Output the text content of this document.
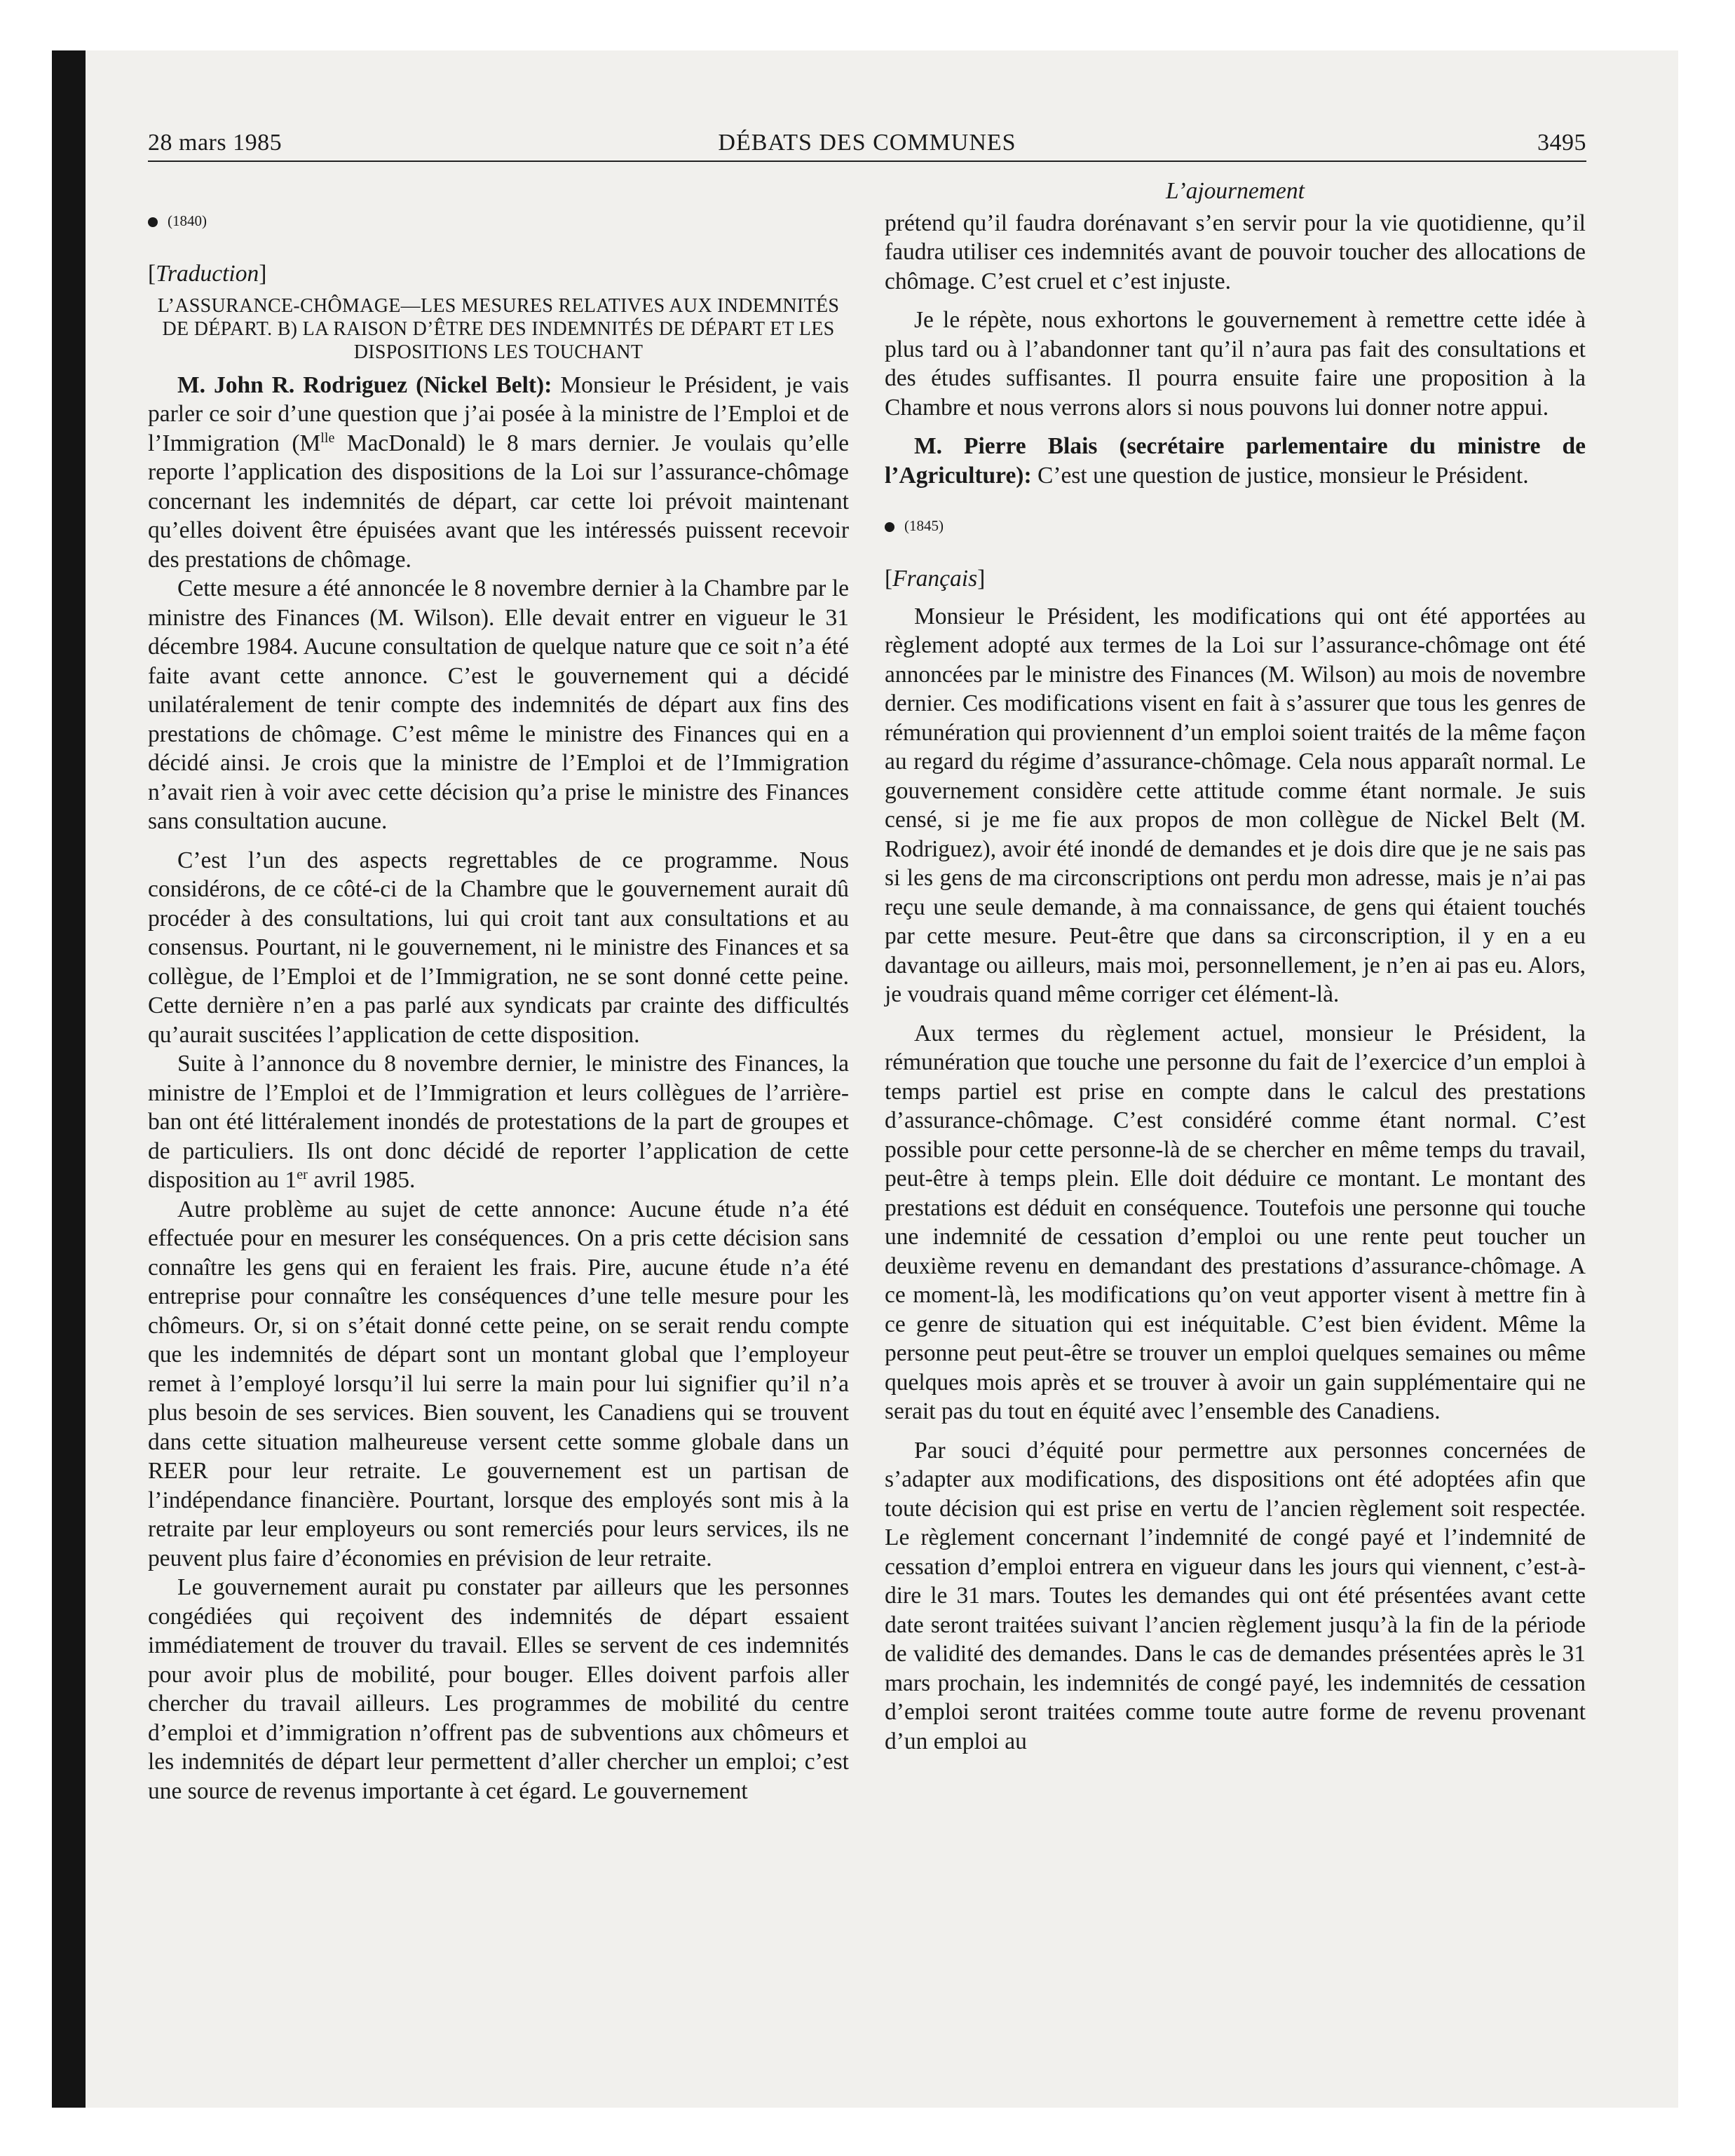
28 mars 1985	DÉBATS DES COMMUNES	3495

(1840)

[Traduction]

L’ASSURANCE-CHÔMAGE—LES MESURES RELATIVES AUX INDEMNITÉS DE DÉPART. B) LA RAISON D’ÊTRE DES INDEMNITÉS DE DÉPART ET LES DISPOSITIONS LES TOUCHANT

M. John R. Rodriguez (Nickel Belt): Monsieur le Président, je vais parler ce soir d’une question que j’ai posée à la ministre de l’Emploi et de l’Immigration ($M^{lle}$ MacDonald) le 8 mars dernier. Je voulais qu’elle reporte l’application des dispositions de la Loi sur l’assurance-chômage concernant les indemnités de départ, car cette loi prévoit maintenant qu’elles doivent être épuisées avant que les intéressés puissent recevoir des prestations de chômage.

Cette mesure a été annoncée le 8 novembre dernier à la Chambre par le ministre des Finances (M. Wilson). Elle devait entrer en vigueur le 31 décembre 1984. Aucune consultation de quelque nature que ce soit n’a été faite avant cette annonce. C’est le gouvernement qui a décidé unilatéralement de tenir compte des indemnités de départ aux fins des prestations de chômage. C’est même le ministre des Finances qui en a décidé ainsi. Je crois que la ministre de l’Emploi et de l’Immigration n’avait rien à voir avec cette décision qu’a prise le ministre des Finances sans consultation aucune.

C’est l’un des aspects regrettables de ce programme. Nous considérons, de ce côté-ci de la Chambre que le gouvernement aurait dû procéder à des consultations, lui qui croit tant aux consultations et au consensus. Pourtant, ni le gouvernement, ni le ministre des Finances et sa collègue, de l’Emploi et de l’Immigration, ne se sont donné cette peine. Cette dernière n’en a pas parlé aux syndicats par crainte des difficultés qu’aurait suscitées l’application de cette disposition.

Suite à l’annonce du 8 novembre dernier, le ministre des Finances, la ministre de l’Emploi et de l’Immigration et leurs collègues de l’arrière-ban ont été littéralement inondés de protestations de la part de groupes et de particuliers. Ils ont donc décidé de reporter l’application de cette disposition au 1er avril 1985.

Autre problème au sujet de cette annonce: Aucune étude n’a été effectuée pour en mesurer les conséquences. On a pris cette décision sans connaître les gens qui en feraient les frais. Pire, aucune étude n’a été entreprise pour connaître les conséquences d’une telle mesure pour les chômeurs. Or, si on s’était donné cette peine, on se serait rendu compte que les indemnités de départ sont un montant global que l’employeur remet à l’employé lorsqu’il lui serre la main pour lui signifier qu’il n’a plus besoin de ses services. Bien souvent, les Canadiens qui se trouvent dans cette situation malheureuse versent cette somme globale dans un REER pour leur retraite. Le gouvernement est un partisan de l’indépendance financière. Pourtant, lorsque des employés sont mis à la retraite par leur employeurs ou sont remerciés pour leurs services, ils ne peuvent plus faire d’économies en prévision de leur retraite.

Le gouvernement aurait pu constater par ailleurs que les personnes congédiées qui reçoivent des indemnités de départ essaient immédiatement de trouver du travail. Elles se servent de ces indemnités pour avoir plus de mobilité, pour bouger. Elles doivent parfois aller chercher du travail ailleurs. Les programmes de mobilité du centre d’emploi et d’immigration n’offrent pas de subventions aux chômeurs et les indemnités de départ leur permettent d’aller chercher un emploi; c’est une source de revenus importante à cet égard. Le gouvernement

L’ajournement

prétend qu’il faudra dorénavant s’en servir pour la vie quotidienne, qu’il faudra utiliser ces indemnités avant de pouvoir toucher des allocations de chômage. C’est cruel et c’est injuste.

Je le répète, nous exhortons le gouvernement à remettre cette idée à plus tard ou à l’abandonner tant qu’il n’aura pas fait des consultations et des études suffisantes. Il pourra ensuite faire une proposition à la Chambre et nous verrons alors si nous pouvons lui donner notre appui.

M. Pierre Blais (secrétaire parlementaire du ministre de l’Agriculture): C’est une question de justice, monsieur le Président.

(1845)

[Français]

Monsieur le Président, les modifications qui ont été apportées au règlement adopté aux termes de la Loi sur l’assurance-chômage ont été annoncées par le ministre des Finances (M. Wilson) au mois de novembre dernier. Ces modifications visent en fait à s’assurer que tous les genres de rémunération qui proviennent d’un emploi soient traités de la même façon au regard du régime d’assurance-chômage. Cela nous apparaît normal. Le gouvernement considère cette attitude comme étant normale. Je suis censé, si je me fie aux propos de mon collègue de Nickel Belt (M. Rodriguez), avoir été inondé de demandes et je dois dire que je ne sais pas si les gens de ma circonscriptions ont perdu mon adresse, mais je n’ai pas reçu une seule demande, à ma connaissance, de gens qui étaient touchés par cette mesure. Peut-être que dans sa circonscription, il y en a eu davantage ou ailleurs, mais moi, personnellement, je n’en ai pas eu. Alors, je voudrais quand même corriger cet élément-là.

Aux termes du règlement actuel, monsieur le Président, la rémunération que touche une personne du fait de l’exercice d’un emploi à temps partiel est prise en compte dans le calcul des prestations d’assurance-chômage. C’est considéré comme étant normal. C’est possible pour cette personne-là de se chercher en même temps du travail, peut-être à temps plein. Elle doit déduire ce montant. Le montant des prestations est déduit en conséquence. Toutefois une personne qui touche une indemnité de cessation d’emploi ou une rente peut toucher un deuxième revenu en demandant des prestations d’assurance-chômage. A ce moment-là, les modifications qu’on veut apporter visent à mettre fin à ce genre de situation qui est inéquitable. C’est bien évident. Même la personne peut peut-être se trouver un emploi quelques semaines ou même quelques mois après et se trouver à avoir un gain supplémentaire qui ne serait pas du tout en équité avec l’ensemble des Canadiens.

Par souci d’équité pour permettre aux personnes concernées de s’adapter aux modifications, des dispositions ont été adoptées afin que toute décision qui est prise en vertu de l’ancien règlement soit respectée. Le règlement concernant l’indemnité de congé payé et l’indemnité de cessation d’emploi entrera en vigueur dans les jours qui viennent, c’est-à-dire le 31 mars. Toutes les demandes qui ont été présentées avant cette date seront traitées suivant l’ancien règlement jusqu’à la fin de la période de validité des demandes. Dans le cas de demandes présentées après le 31 mars prochain, les indemnités de congé payé, les indemnités de cessation d’emploi seront traitées comme toute autre forme de revenu provenant d’un emploi au
